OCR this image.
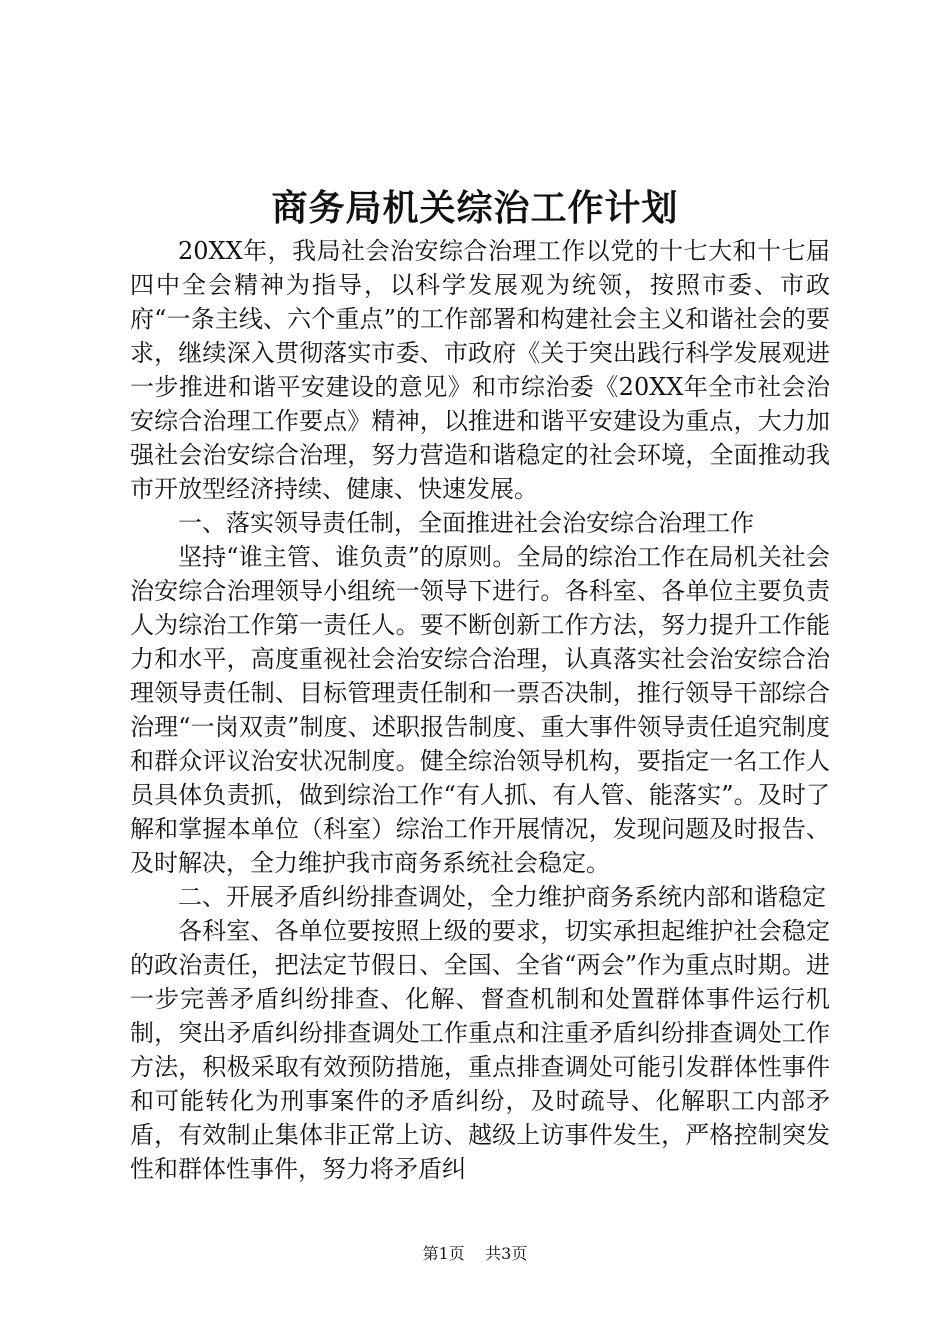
商务局机关综治工作计划

20XX年，我局社会治安综合治理工作以党的十七大和十七届四中全会精神为指导，以科学发展观为统领，按照市委、市政府“一条主线、六个重点”的工作部署和构建社会主义和谐社会的要求，继续深入贯彻落实市委、市政府《关于突出践行科学发展观进一步推进和谐平安建设的意见》和市综治委《20XX年全市社会治安综合治理工作要点》精神，以推进和谐平安建设为重点，大力加强社会治安综合治理，努力营造和谐稳定的社会环境，全面推动我市开放型经济持续、健康、快速发展。

一、落实领导责任制，全面推进社会治安综合治理工作

坚持“谁主管、谁负责”的原则。全局的综治工作在局机关社会治安综合治理领导小组统一领导下进行。各科室、各单位主要负责人为综治工作第一责任人。要不断创新工作方法，努力提升工作能力和水平，高度重视社会治安综合治理，认真落实社会治安综合治理领导责任制、目标管理责任制和一票否决制，推行领导干部综合治理“一岗双责”制度、述职报告制度、重大事件领导责任追究制度和群众评议治安状况制度。健全综治领导机构，要指定一名工作人员具体负责抓，做到综治工作“有人抓、有人管、能落实”。及时了解和掌握本单位（科室）综治工作开展情况，发现问题及时报告、及时解决，全力维护我市商务系统社会稳定。

二、开展矛盾纠纷排查调处，全力维护商务系统内部和谐稳定

各科室、各单位要按照上级的要求，切实承担起维护社会稳定的政治责任，把法定节假日、全国、全省“两会”作为重点时期。进一步完善矛盾纠纷排查、化解、督查机制和处置群体事件运行机制，突出矛盾纠纷排查调处工作重点和注重矛盾纠纷排查调处工作方法，积极采取有效预防措施，重点排查调处可能引发群体性事件和可能转化为刑事案件的矛盾纠纷，及时疏导、化解职工内部矛盾，有效制止集体非正常上访、越级上访事件发生，严格控制突发性和群体性事件，努力将矛盾纠

第1页 共3页
